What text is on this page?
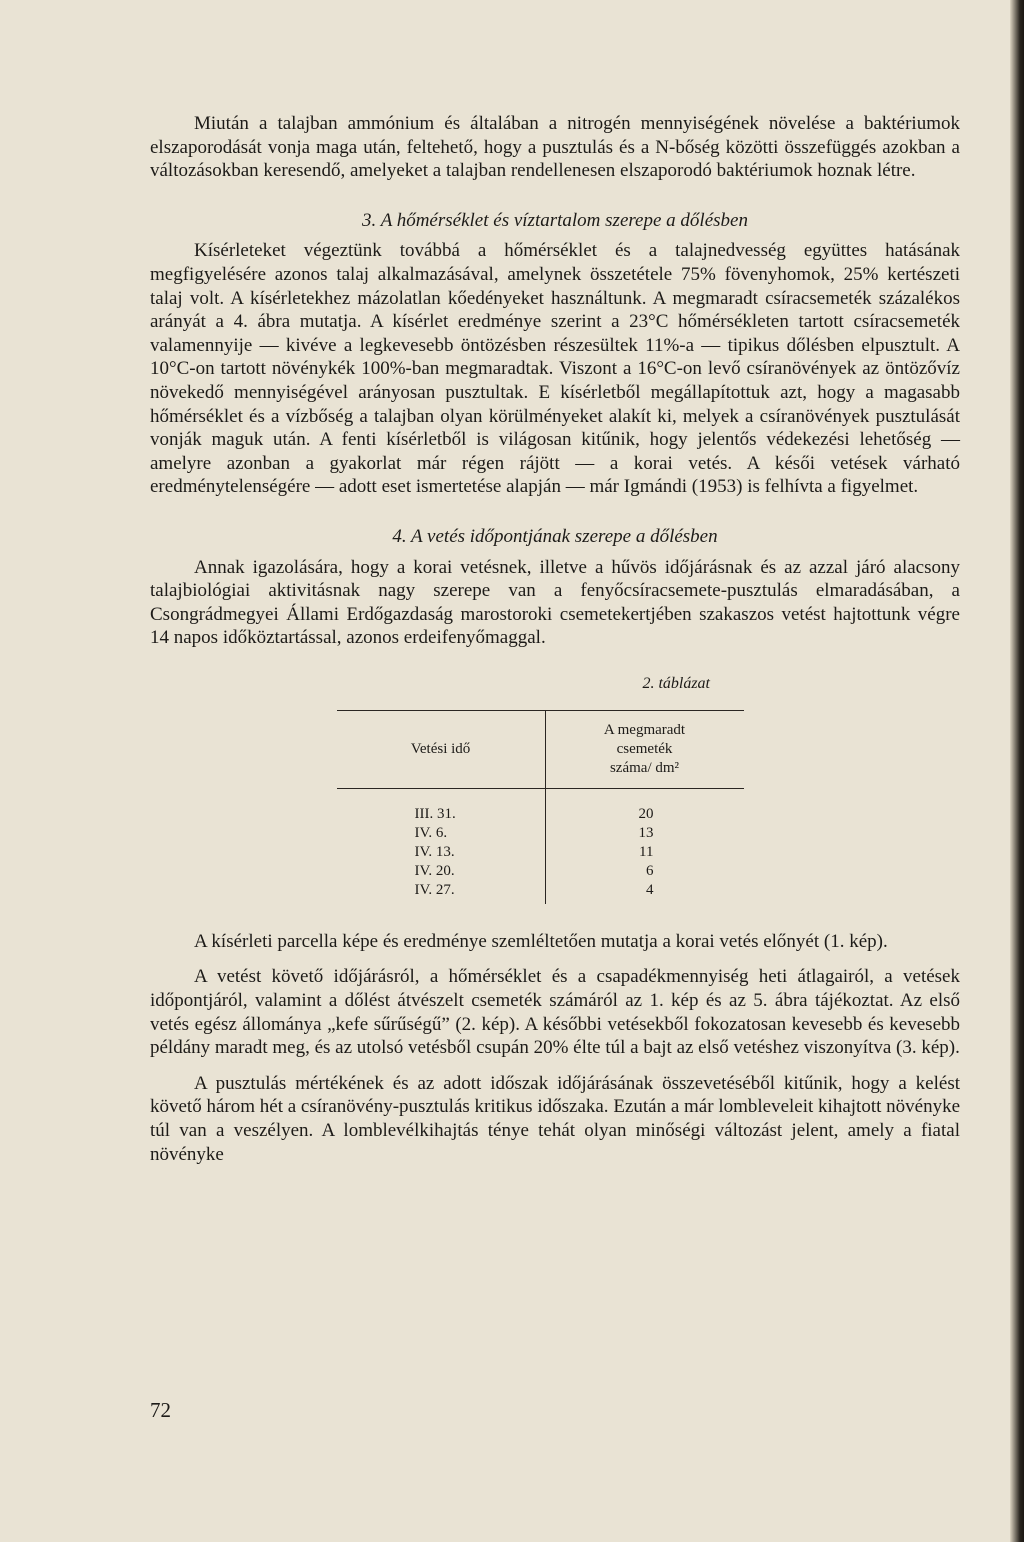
Miután a talajban ammónium és általában a nitrogén mennyiségének növelése a baktériumok elszaporodását vonja maga után, feltehető, hogy a pusztulás és a N-bőség közötti összefüggés azokban a változásokban keresendő, amelyeket a talajban rendellenesen elszaporodó baktériumok hoznak létre.

3. A hőmérséklet és víztartalom szerepe a dőlésben

Kísérleteket végeztünk továbbá a hőmérséklet és a talajnedvesség együttes hatásának megfigyelésére azonos talaj alkalmazásával, amelynek összetétele 75% fövenyhomok, 25% kertészeti talaj volt. A kísérletekhez mázolatlan kőedényeket használtunk. A megmaradt csíracsemeték százalékos arányát a 4. ábra mutatja. A kísérlet eredménye szerint a 23°C hőmérsékleten tartott csíracsemeték valamennyije — kivéve a legkevesebb öntözésben részesültek 11%-a — tipikus dőlésben elpusztult. A 10°C-on tartott növénykék 100%-ban megmaradtak. Viszont a 16°C-on levő csíranövények az öntözővíz növekedő mennyiségével arányosan pusztultak. E kísérletből megállapítottuk azt, hogy a magasabb hőmérséklet és a vízbőség a talajban olyan körülményeket alakít ki, melyek a csíranövények pusztulását vonják maguk után. A fenti kísérletből is világosan kitűnik, hogy jelentős védekezési lehetőség — amelyre azonban a gyakorlat már régen rájött — a korai vetés. A késői vetések várható eredménytelenségére — adott eset ismertetése alapján — már Igmándi (1953) is felhívta a figyelmet.

4. A vetés időpontjának szerepe a dőlésben

Annak igazolására, hogy a korai vetésnek, illetve a hűvös időjárásnak és az azzal járó alacsony talajbiológiai aktivitásnak nagy szerepe van a fenyőcsíracsemete-pusztulás elmaradásában, a Csongrádmegyei Állami Erdőgazdaság marostoroki csemetekertjében szakaszos vetést hajtottunk végre 14 napos időköztartással, azonos erdeifenyőmaggal.

2. táblázat
Vetési idő	A megmaradt
csemeték
száma/ dm²
III. 31.	20
IV. 6.	13
IV. 13.	11
IV. 20.	6
IV. 27.	4

A kísérleti parcella képe és eredménye szemléltetően mutatja a korai vetés előnyét (1. kép).

A vetést követő időjárásról, a hőmérséklet és a csapadékmennyiség heti átlagairól, a vetések időpontjáról, valamint a dőlést átvészelt csemeték számáról az 1. kép és az 5. ábra tájékoztat. Az első vetés egész állománya „kefe sűrűségű” (2. kép). A későbbi vetésekből fokozatosan kevesebb és kevesebb példány maradt meg, és az utolsó vetésből csupán 20% élte túl a bajt az első vetéshez viszonyítva (3. kép).

A pusztulás mértékének és az adott időszak időjárásának összevetéséből kitűnik, hogy a kelést követő három hét a csíranövény-pusztulás kritikus időszaka. Ezután a már lombleveleit kihajtott növényke túl van a veszélyen. A lomblevélkihajtás ténye tehát olyan minőségi változást jelent, amely a fiatal növényke

72
